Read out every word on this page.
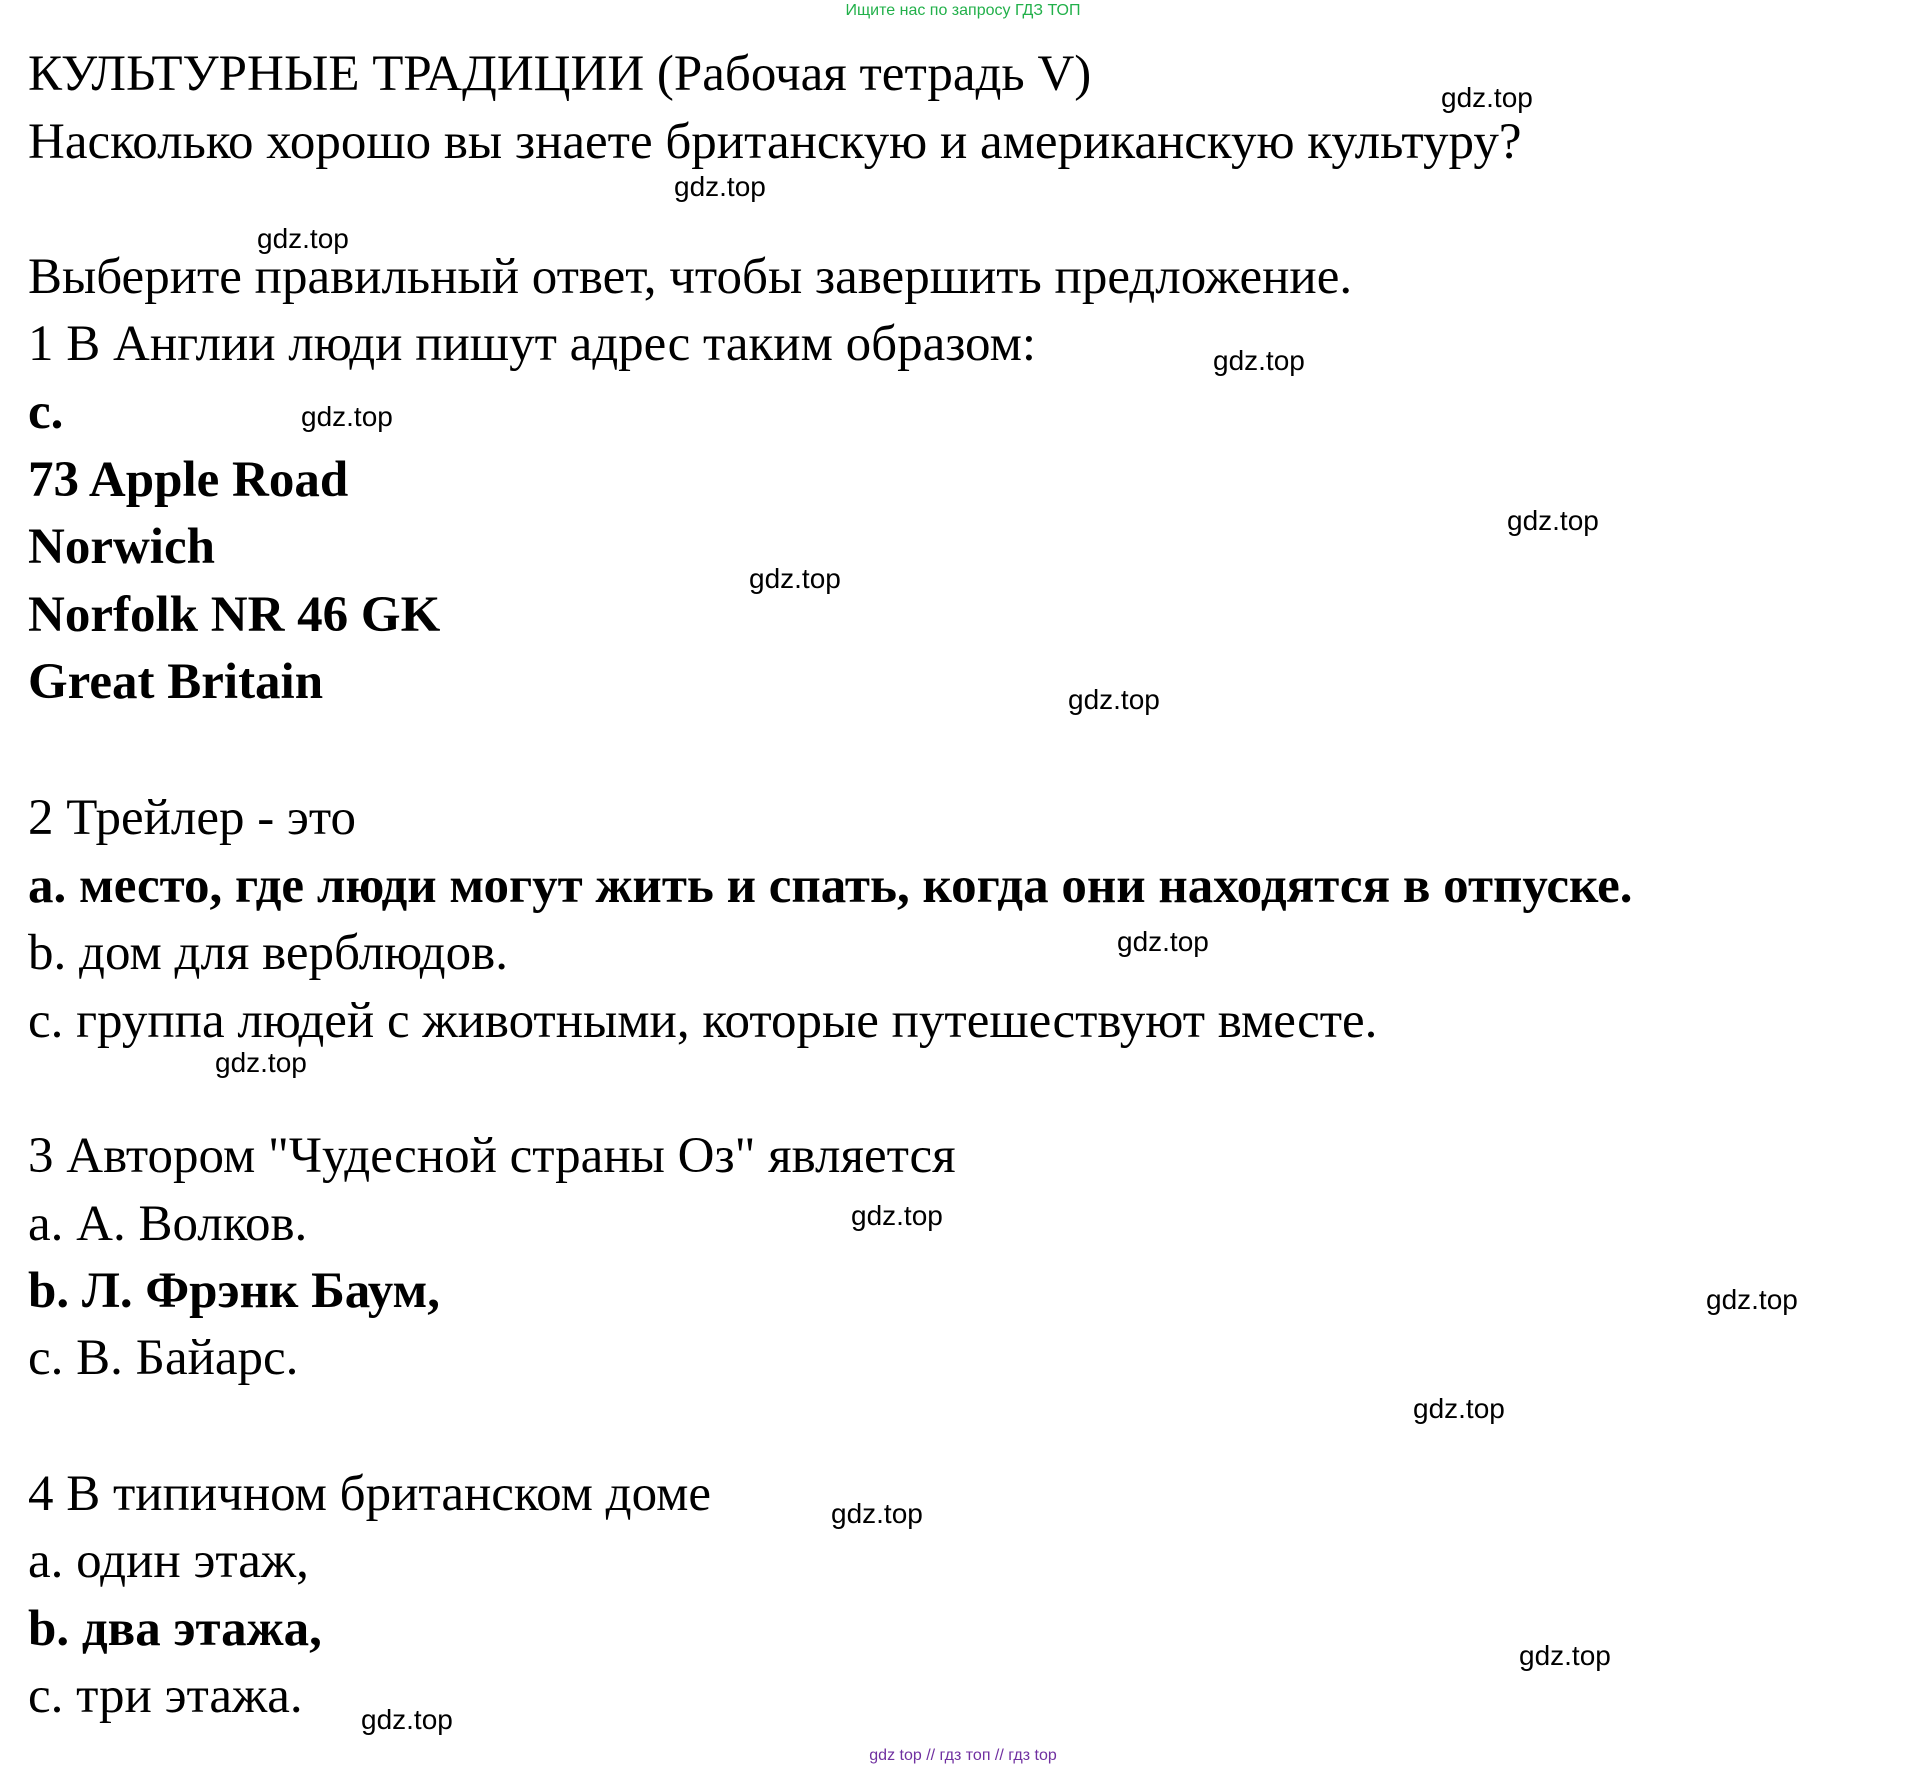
Ищите нас по запросу ГДЗ ТОП
КУЛЬТУРНЫЕ ТРАДИЦИИ (Рабочая тетрадь V)
Насколько хорошо вы знаете британскую и американскую культуру?
Выберите правильный ответ, чтобы завершить предложение.
1 В Англии люди пишут адрес таким образом:
c.
73 Apple Road
Norwich
Norfolk NR 46 GK
Great Britain
2 Трейлер - это
a. место, где люди могут жить и спать, когда они находятся в отпуске.
b. дом для верблюдов.
c. группа людей с животными, которые путешествуют вместе.
3 Автором "Чудесной страны Оз" является
a. А. Волков.
b. Л. Фрэнк Баум,
c. В. Байарс.
4 В типичном британском доме
a. один этаж,
b. два этажа,
c. три этажа.
gdz.top
gdz.top
gdz.top
gdz.top
gdz.top
gdz.top
gdz.top
gdz.top
gdz.top
gdz.top
gdz.top
gdz.top
gdz.top
gdz.top
gdz.top
gdz.top
gdz top // гдз топ // гдз top
